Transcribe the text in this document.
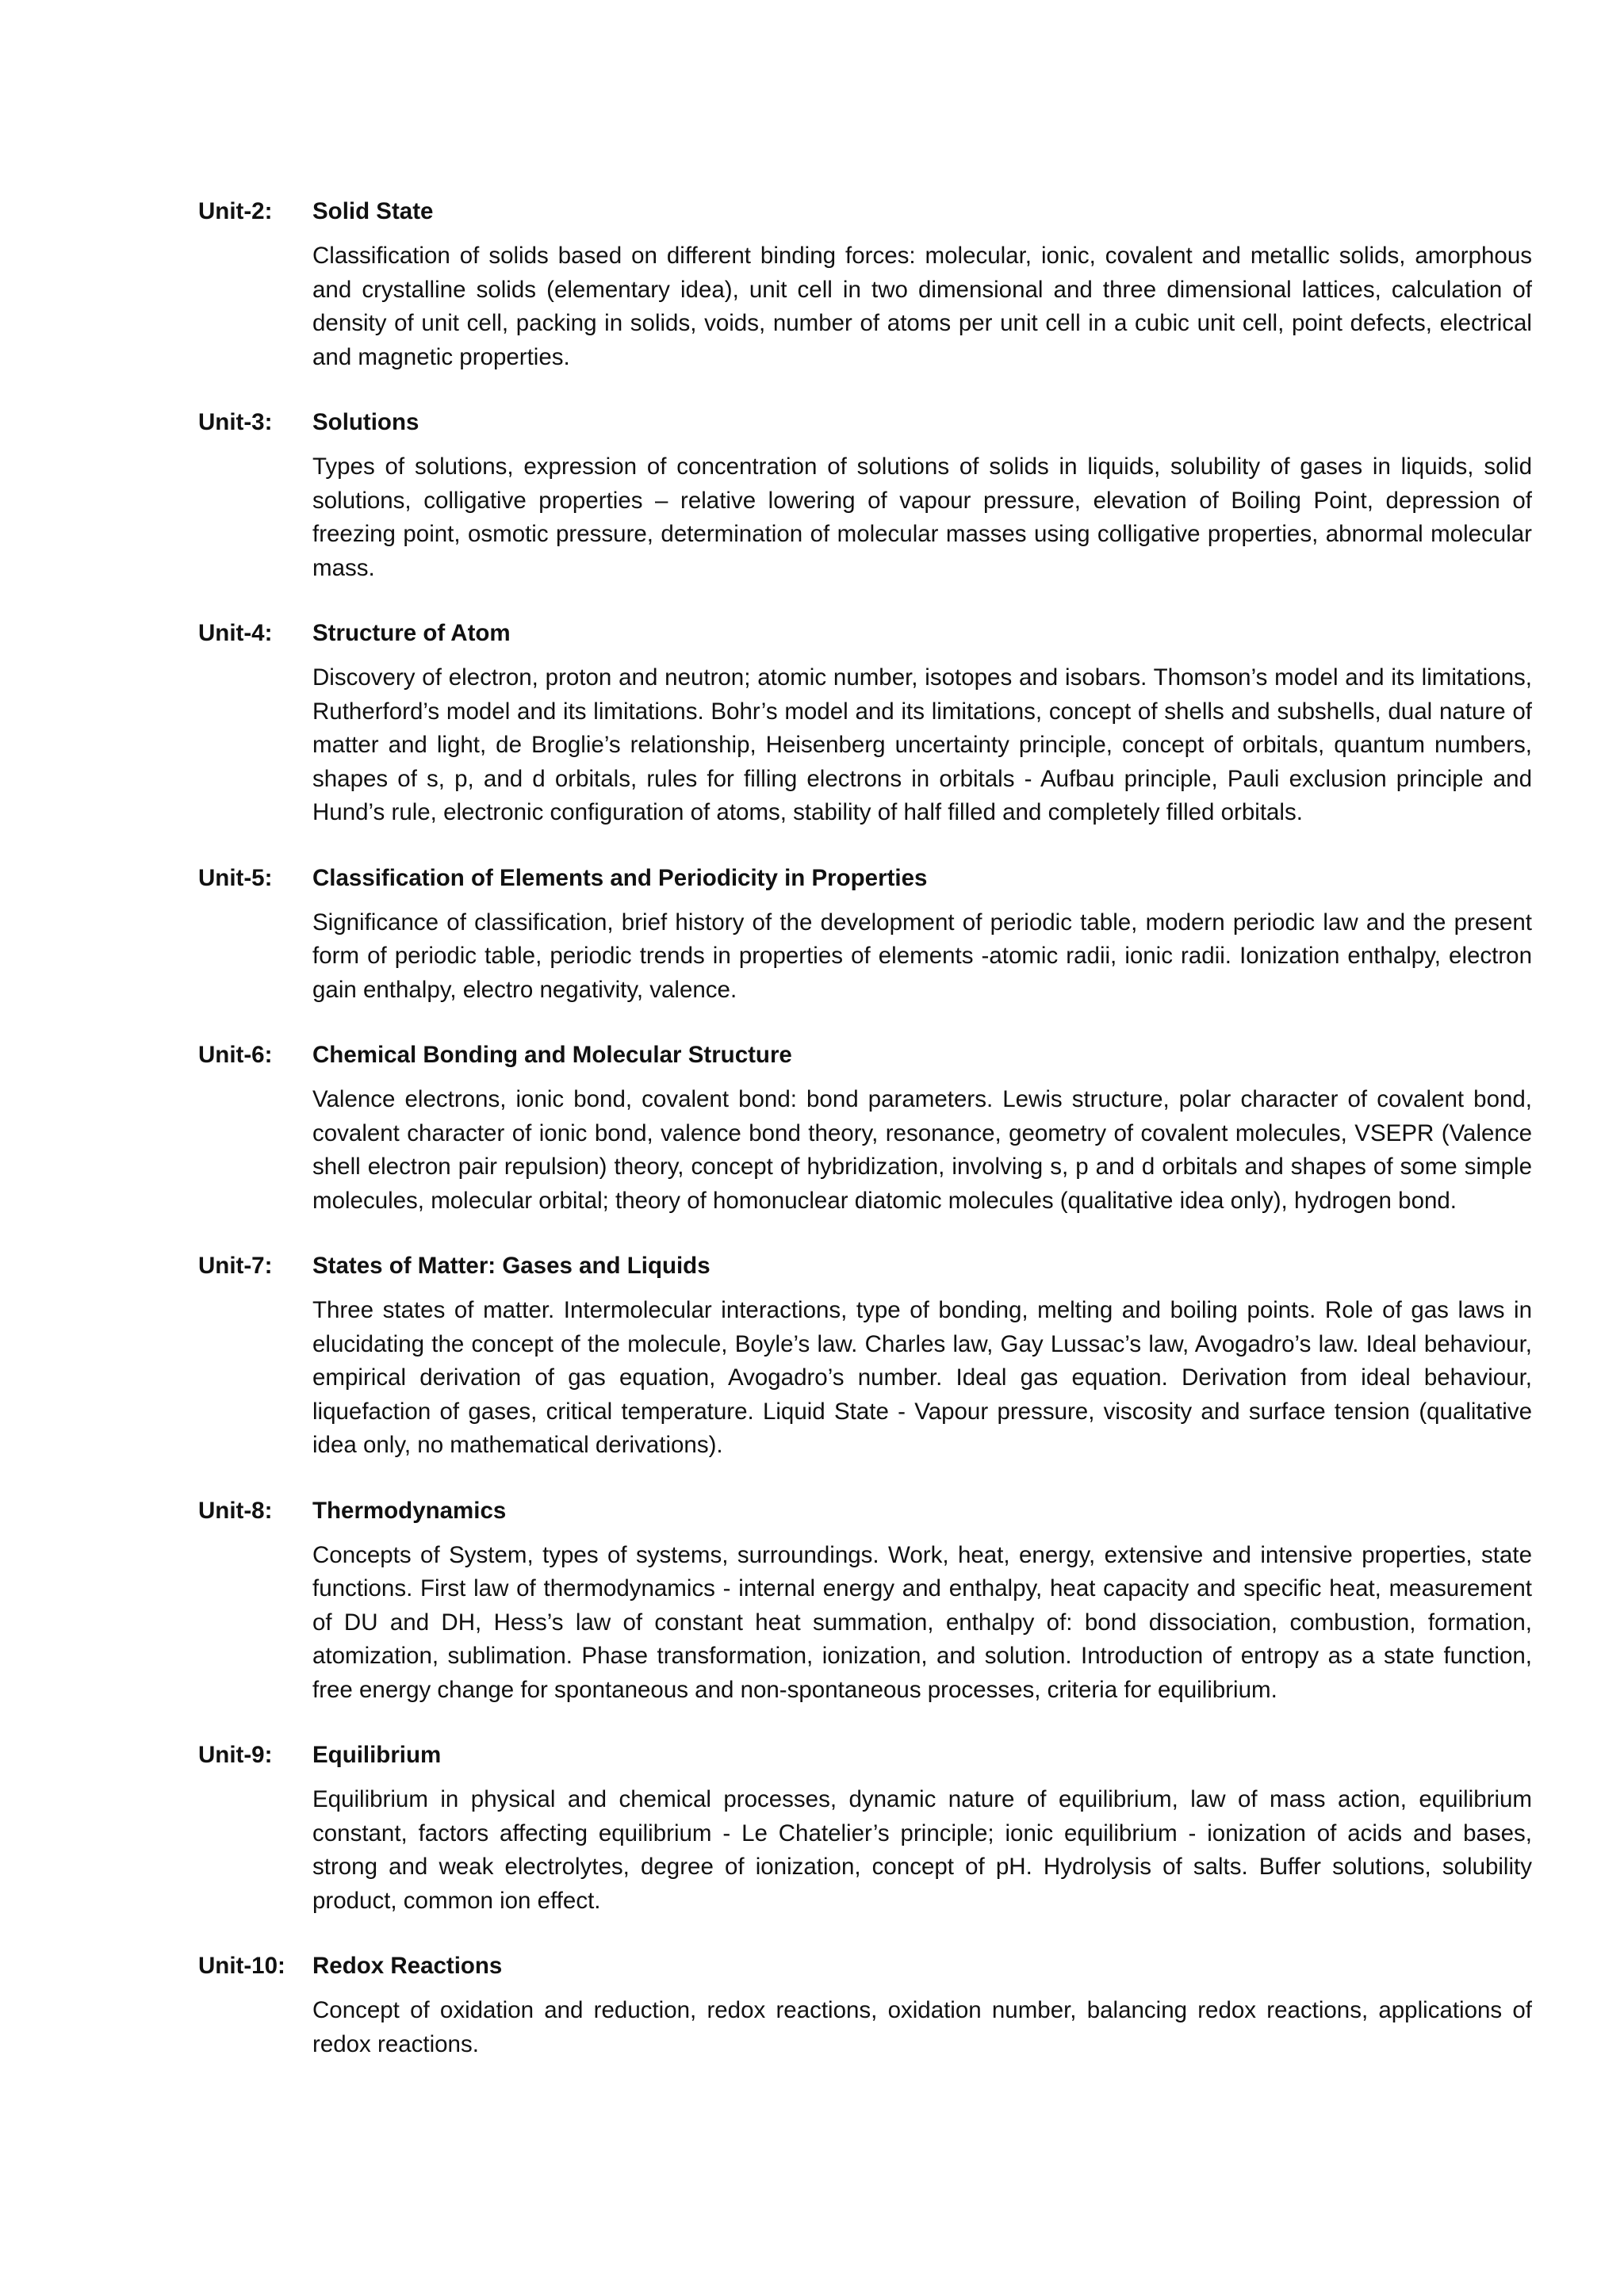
Unit-2: Solid State

Classification of solids based on different binding forces: molecular, ionic, covalent and metallic solids, amorphous and crystalline solids (elementary idea), unit cell in two dimensional and three dimensional lattices, calculation of density of unit cell, packing in solids, voids, number of atoms per unit cell in a cubic unit cell, point defects, electrical and magnetic properties.

Unit-3: Solutions

Types of solutions, expression of concentration of solutions of solids in liquids, solubility of gases in liquids, solid solutions, colligative properties – relative lowering of vapour pressure, elevation of Boiling Point, depression of freezing point, osmotic pressure, determination of molecular masses using colligative properties, abnormal molecular mass.

Unit-4: Structure of Atom

Discovery of electron, proton and neutron; atomic number, isotopes and isobars. Thomson’s model and its limitations, Rutherford’s model and its limitations. Bohr’s model and its limitations, concept of shells and subshells, dual nature of matter and light, de Broglie’s relationship, Heisenberg uncertainty principle, concept of orbitals, quantum numbers, shapes of s, p, and d orbitals, rules for filling electrons in orbitals - Aufbau principle, Pauli exclusion principle and Hund’s rule, electronic configuration of atoms, stability of half filled and completely filled orbitals.

Unit-5: Classification of Elements and Periodicity in Properties

Significance of classification, brief history of the development of periodic table, modern periodic law and the present form of periodic table, periodic trends in properties of elements -atomic radii, ionic radii. Ionization enthalpy, electron gain enthalpy, electro negativity, valence.

Unit-6: Chemical Bonding and Molecular Structure

Valence electrons, ionic bond, covalent bond: bond parameters. Lewis structure, polar character of covalent bond, covalent character of ionic bond, valence bond theory, resonance, geometry of covalent molecules, VSEPR (Valence shell electron pair repulsion) theory, concept of hybridization, involving s, p and d orbitals and shapes of some simple molecules, molecular orbital; theory of homonuclear diatomic molecules (qualitative idea only), hydrogen bond.

Unit-7: States of Matter: Gases and Liquids

Three states of matter. Intermolecular interactions, type of bonding, melting and boiling points. Role of gas laws in elucidating the concept of the molecule, Boyle’s law. Charles law, Gay Lussac’s law, Avogadro’s law. Ideal behaviour, empirical derivation of gas equation, Avogadro’s number. Ideal gas equation. Derivation from ideal behaviour, liquefaction of gases, critical temperature. Liquid State - Vapour pressure, viscosity and surface tension (qualitative idea only, no mathematical derivations).

Unit-8: Thermodynamics

Concepts of System, types of systems, surroundings. Work, heat, energy, extensive and intensive properties, state functions. First law of thermodynamics - internal energy and enthalpy, heat capacity and specific heat, measurement of DU and DH, Hess’s law of constant heat summation, enthalpy of: bond dissociation, combustion, formation, atomization, sublimation. Phase transformation, ionization, and solution. Introduction of entropy as a state function, free energy change for spontaneous and non-spontaneous processes, criteria for equilibrium.

Unit-9: Equilibrium

Equilibrium in physical and chemical processes, dynamic nature of equilibrium, law of mass action, equilibrium constant, factors affecting equilibrium - Le Chatelier’s principle; ionic equilibrium - ionization of acids and bases, strong and weak electrolytes, degree of ionization, concept of pH. Hydrolysis of salts. Buffer solutions, solubility product, common ion effect.

Unit-10: Redox Reactions

Concept of oxidation and reduction, redox reactions, oxidation number, balancing redox reactions, applications of redox reactions.
